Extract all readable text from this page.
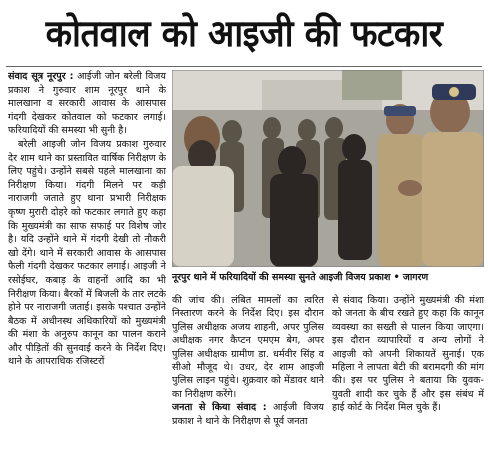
कोतवाल को आइजी की फटकार

संवाद सूत्र नूरपुर : आईजी जोन बरेली विजय प्रकाश ने गुरुवार शाम नूरपुर थाने के मालखाना व सरकारी आवास के आसपास गंदगी देखकर कोतवाल को फटकार लगाई। फरियादियों की समस्या भी सुनी है।

बरेली आइजी जोन विजय प्रकाश गुरुवार देर शाम थाने का प्रस्तावित वार्षिक निरीक्षण के लिए पहुंचे। उन्होंने सबसे पहले मालखाना का निरीक्षण किया। गंदगी मिलने पर कड़ी नाराजगी जताते हुए थाना प्रभारी निरीक्षक कृष्ण मुरारी दोहरे को फटकार लगाते हुए कहा कि मुख्यमंत्री का साफ सफाई पर विशेष जोर है। यदि उन्होंने थाने में गंदगी देखी तो नौकरी खो देंगे। थाने में सरकारी आवास के आसपास फैली गंदगी देखकर फटकार लगाई। आइजी ने रसोईघर, कबाड़ के वाहनों आदि का भी निरीक्षण किया। बैरकों में बिजली के तार लटके होने पर नाराजगी जताई। इसके पश्चात उन्होंने बैठक में अधीनस्थ अधिकारियों को मुख्यमंत्री की मंशा के अनुरुप कानून का पालन कराने और पीड़ितों की सुनवाई करने के निर्देश दिए। थाने के आपराधिक रजिस्टरों

नूरपुर थाने में फरियादियों की समस्या सुनते आइजी विजय प्रकाश • जागरण

की जांच की। लंबित मामलों का त्वरित निस्तारण करने के निर्देश दिए। इस दौरान पुलिस अधीक्षक अजय शाहनी, अपर पुलिस अधीक्षक नगर कैप्टन एमएम बेग, अपर पुलिस अधीक्षक ग्रामीण डा. धर्मवीर सिंह व सीओ मौजूद थे। उधर, देर शाम आइजी पुलिस लाइन पहुंचे। शुक्रवार को मेंडावर थाने का निरीक्षण करेंगे।

जनता से किया संवाद : आईजी विजय प्रकाश ने थाने के निरीक्षण से पूर्व जनता

से संवाद किया। उन्होंने मुख्यमंत्री की मंशा को जनता के बीच रखते हुए कहा कि कानून व्यवस्था का सख्ती से पालन किया जाएगा। इस दौरान व्यापारियों व अन्य लोगों ने आइजी को अपनी शिकायतें सुनाई। एक महिला ने लापता बेटी की बरामदगी की मांग की। इस पर पुलिस ने बताया कि युवक-युवती शादी कर चुके हैं और इस संबंध में हाई कोर्ट के निर्देश मिल चुके हैं।
